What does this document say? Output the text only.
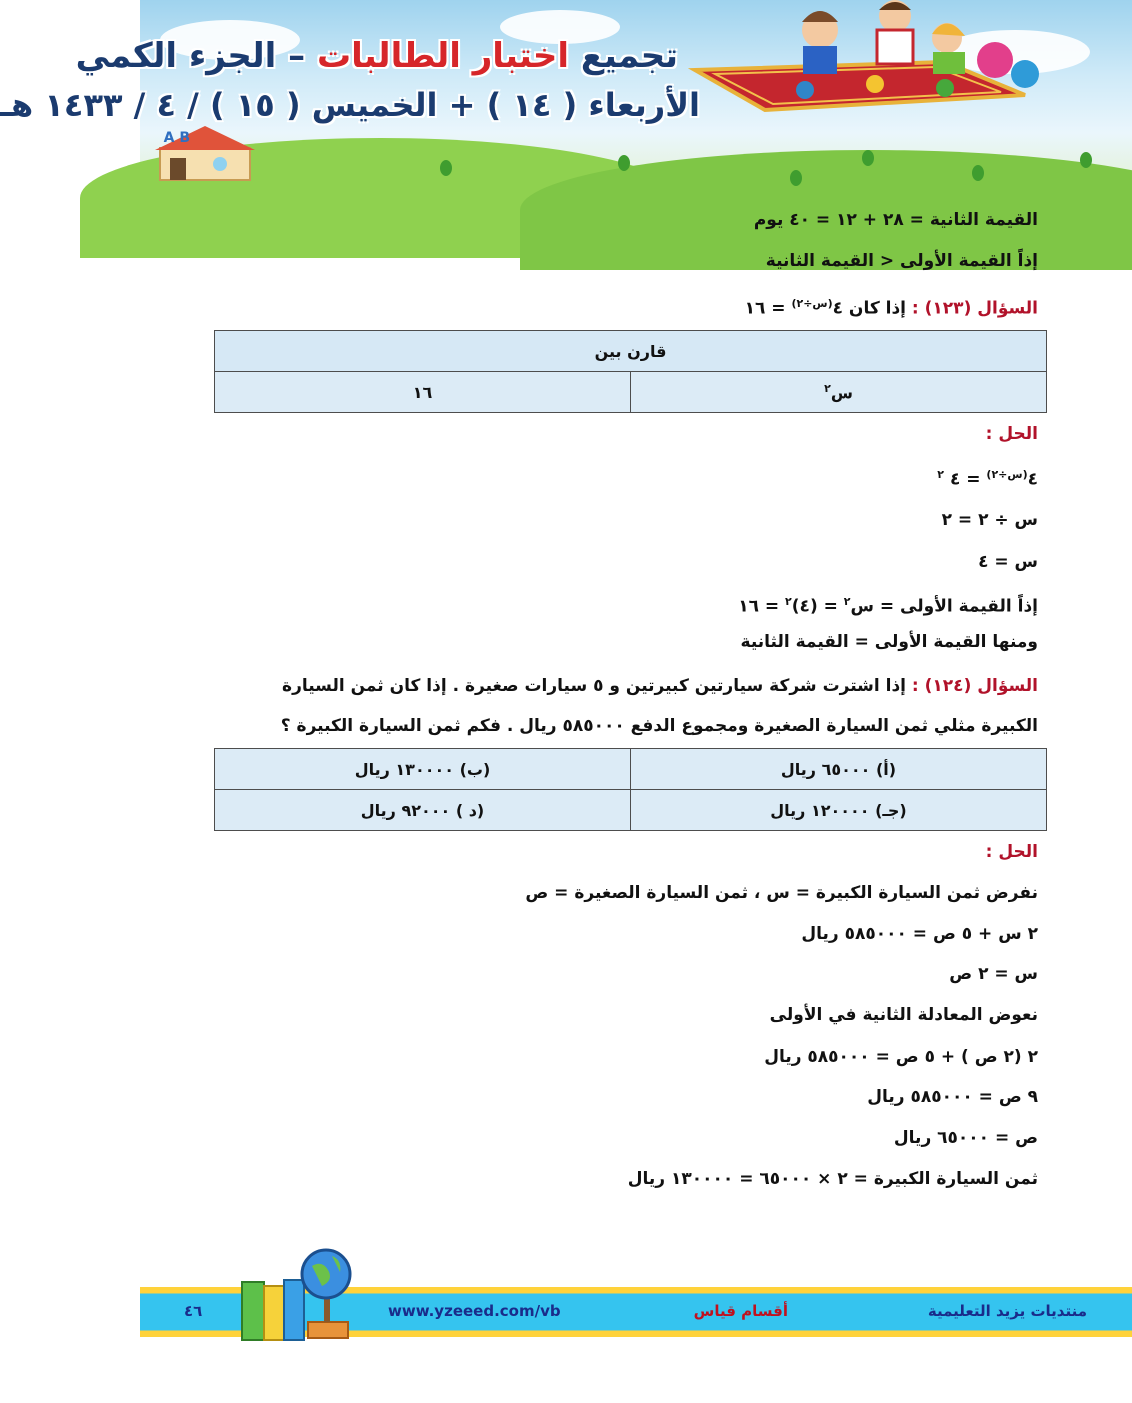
A B
تجميع اختبار الطالبات – الجزء الكمي
الأربعاء ( ١٤ ) + الخميس ( ١٥ ) / ٤ / ١٤٣٣ هـ
القيمة الثانية = ٢٨ + ١٢ = ٤٠ يوم
إذاً القيمة الأولى < القيمة الثانية
السؤال (١٢٣) : إذا كان $٤^{(س\div ٢)}$ = ١٦
قارن بين
س$^٢$	١٦
الحل :
$٤^{(س\div ٢)}$ = ٤ $^٢$
س ÷ ٢ = ٢
س = ٤
إذاً القيمة الأولى = س$^٢$ = (٤)$^٢$ = ١٦
ومنها القيمة الأولى = القيمة الثانية
السؤال (١٢٤) : إذا اشترت شركة سيارتين كبيرتين و ٥ سيارات صغيرة . إذا كان ثمن السيارة
الكبيرة مثلي ثمن السيارة الصغيرة ومجموع الدفع ٥٨٥٠٠٠ ريال . فكم ثمن السيارة الكبيرة ؟
(أ) ٦٥٠٠٠ ريال	(ب) ١٣٠٠٠٠ ريال
(جـ) ١٢٠٠٠٠ ريال	(د ) ٩٢٠٠٠ ريال
الحل :
نفرض ثمن السيارة الكبيرة = س ، ثمن السيارة الصغيرة = ص
٢ س + ٥ ص = ٥٨٥٠٠٠ ريال
س = ٢ ص
نعوض المعادلة الثانية في الأولى
٢ (٢ ص ) + ٥ ص = ٥٨٥٠٠٠ ريال
٩ ص = ٥٨٥٠٠٠ ريال
ص = ٦٥٠٠٠ ريال
ثمن السيارة الكبيرة = ٢ × ٦٥٠٠٠ = ١٣٠٠٠٠ ريال
منتديات يزيد التعليمية
أقسام قياس
www.yzeeed.com/vb
٤٦
